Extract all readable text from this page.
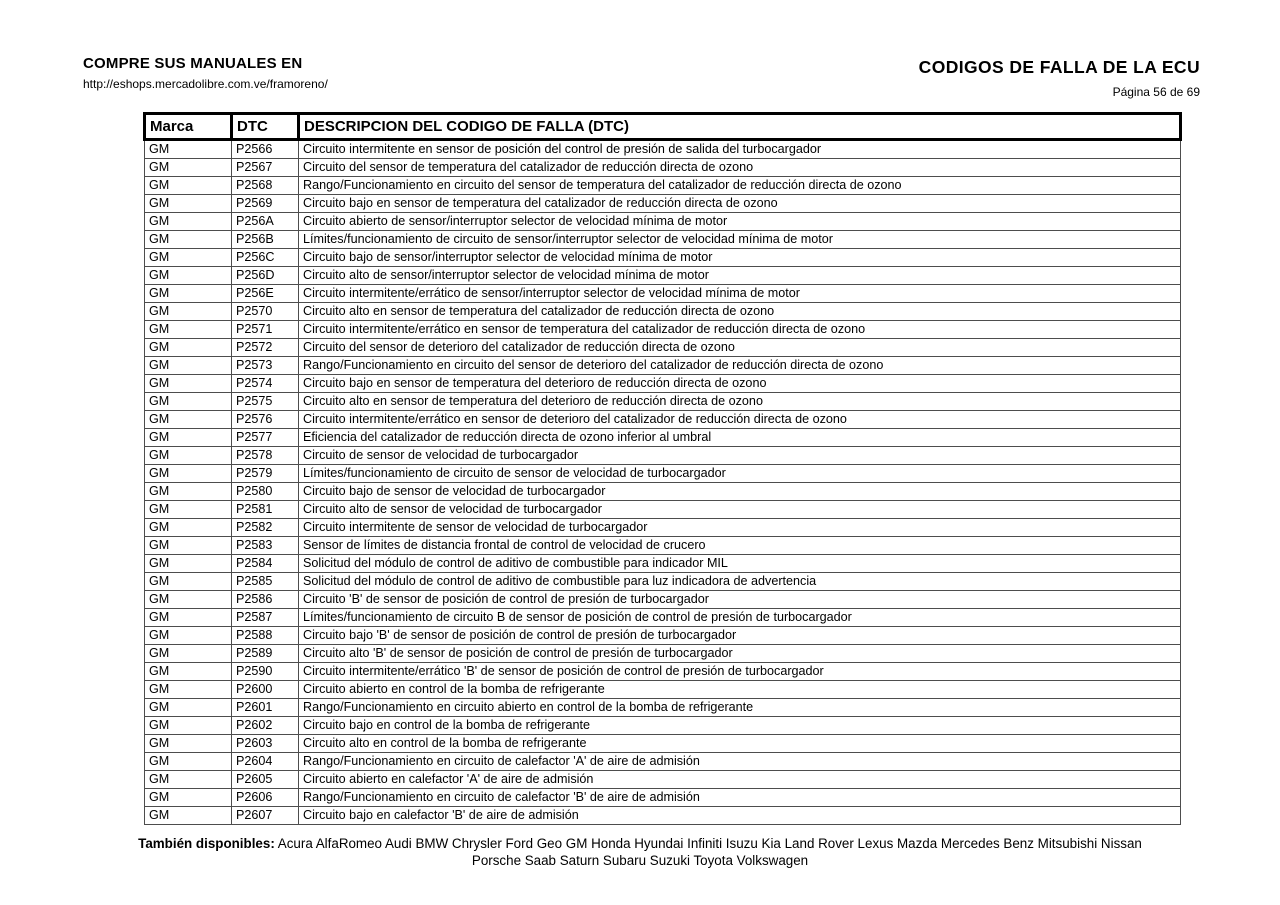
COMPRE SUS MANUALES EN
http://eshops.mercadolibre.com.ve/framoreno/
CODIGOS DE FALLA DE LA ECU
Página 56 de 69
Marca	DTC	DESCRIPCION DEL CODIGO DE FALLA (DTC)
GM	P2566	Circuito intermitente en sensor de posición del control de presión de salida del turbocargador
GM	P2567	Circuito del sensor de temperatura del catalizador de reducción directa de ozono
GM	P2568	Rango/Funcionamiento en circuito del sensor de temperatura del catalizador de reducción directa de ozono
GM	P2569	Circuito bajo en sensor de temperatura del catalizador de reducción directa de ozono
GM	P256A	Circuito abierto de sensor/interruptor selector de velocidad mínima de motor
GM	P256B	Límites/funcionamiento de circuito de sensor/interruptor selector de velocidad mínima de motor
GM	P256C	Circuito bajo de sensor/interruptor selector de velocidad mínima de motor
GM	P256D	Circuito alto de sensor/interruptor selector de velocidad mínima de motor
GM	P256E	Circuito intermitente/errático de sensor/interruptor selector de velocidad mínima de motor
GM	P2570	Circuito alto en sensor de temperatura del catalizador de reducción directa de ozono
GM	P2571	Circuito intermitente/errático en sensor de temperatura del catalizador de reducción directa de ozono
GM	P2572	Circuito del sensor de deterioro del catalizador de reducción directa de ozono
GM	P2573	Rango/Funcionamiento en circuito del sensor de deterioro del catalizador de reducción directa de ozono
GM	P2574	Circuito bajo en sensor de temperatura del deterioro de reducción directa de ozono
GM	P2575	Circuito alto en sensor de temperatura del deterioro de reducción directa de ozono
GM	P2576	Circuito intermitente/errático en sensor de deterioro del catalizador de reducción directa de ozono
GM	P2577	Eficiencia del catalizador de reducción directa de ozono inferior al umbral
GM	P2578	Circuito de sensor de velocidad de turbocargador
GM	P2579	Límites/funcionamiento de circuito de sensor de velocidad de turbocargador
GM	P2580	Circuito bajo de sensor de velocidad de turbocargador
GM	P2581	Circuito alto de sensor de velocidad de turbocargador
GM	P2582	Circuito intermitente de sensor de velocidad de turbocargador
GM	P2583	Sensor de límites de distancia frontal de control de velocidad de crucero
GM	P2584	Solicitud del módulo de control de aditivo de combustible para indicador MIL
GM	P2585	Solicitud del módulo de control de aditivo de combustible para luz indicadora de advertencia
GM	P2586	Circuito 'B' de sensor de posición de control de presión de turbocargador
GM	P2587	Límites/funcionamiento de circuito B de sensor de posición de control de presión de turbocargador
GM	P2588	Circuito bajo 'B' de sensor de posición de control de presión de turbocargador
GM	P2589	Circuito alto 'B' de sensor de posición de control de presión de turbocargador
GM	P2590	Circuito intermitente/errático 'B' de sensor de posición de control de presión de turbocargador
GM	P2600	Circuito abierto en control de la bomba de refrigerante
GM	P2601	Rango/Funcionamiento en circuito abierto en control de la bomba de refrigerante
GM	P2602	Circuito bajo en control de la bomba de refrigerante
GM	P2603	Circuito alto en control de la bomba de refrigerante
GM	P2604	Rango/Funcionamiento en circuito de calefactor 'A' de aire de admisión
GM	P2605	Circuito abierto en calefactor 'A' de aire de admisión
GM	P2606	Rango/Funcionamiento en circuito de calefactor 'B' de aire de admisión
GM	P2607	Circuito bajo en calefactor 'B' de aire de admisión
También disponibles: Acura AlfaRomeo Audi BMW Chrysler Ford Geo GM Honda Hyundai Infiniti Isuzu Kia Land Rover Lexus Mazda Mercedes Benz Mitsubishi Nissan
Porsche Saab Saturn Subaru Suzuki Toyota Volkswagen
